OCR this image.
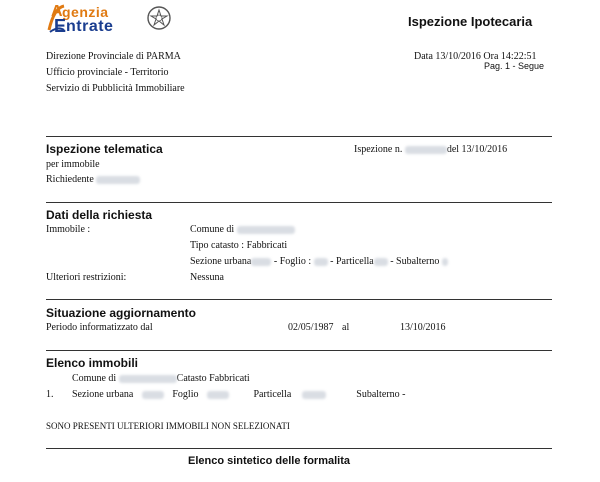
A
genzia
E ntrate	Ispezione Ipotecaria
Direzione Provinciale di PARMA
Ufficio provinciale - Territorio
Servizio di Pubblicità Immobiliare
Data 13/10/2016 Ora 14:22:51
Pag. 1 - Segue
Ispezione telematica	Ispezione n.	del 13/10/2016
per immobile
Richiedente
Dati della richiesta
Immobile :	Comune di
Tipo catasto : Fabbricati
Sezione urbana - Foglio : - Particella - Subalterno
Ulteriori restrizioni:	Nessuna
Situazione aggiornamento
Periodo informatizzato dal	02/05/1987 al	13/10/2016
Elenco immobili
Comune di	Catasto Fabbricati
1. Sezione urbana	Foglio	Particella	Subalterno -
SONO PRESENTI ULTERIORI IMMOBILI NON SELEZIONATI
Elenco sintetico delle formalita
